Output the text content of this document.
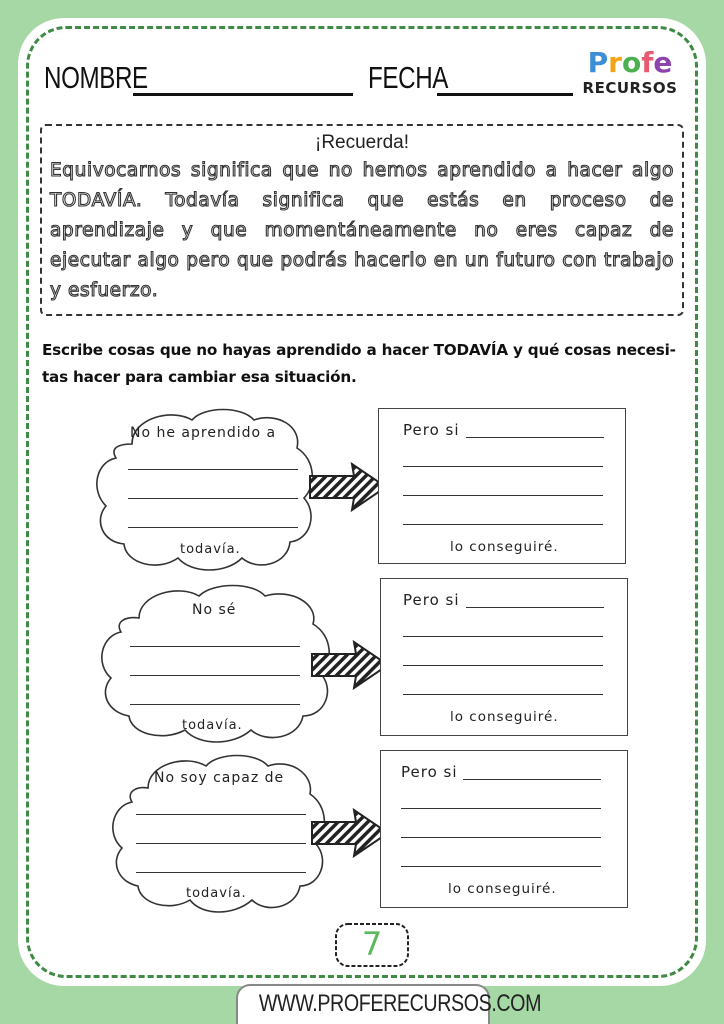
NOMBRE	FECHA	Profe
RECURSOS
¡Recuerda!
Equivocarnos significa que no hemos aprendido a hacer algo TODAVÍA. Todavía significa que estás en proceso de aprendizaje y que momentáneamente no eres capaz de ejecutar algo pero que podrás hacerlo en un futuro con trabajo y esfuerzo.
Escribe cosas que no hayas aprendido a hacer TODAVÍA y qué cosas necesi-
tas hacer para cambiar esa situación.
No he aprendido a
todavía.
Pero si
lo conseguiré.
No sé
todavía.
Pero si
lo conseguiré.
No soy capaz de
todavía.
Pero si
lo conseguiré.
7
WWW.PROFERECURSOS.COM
